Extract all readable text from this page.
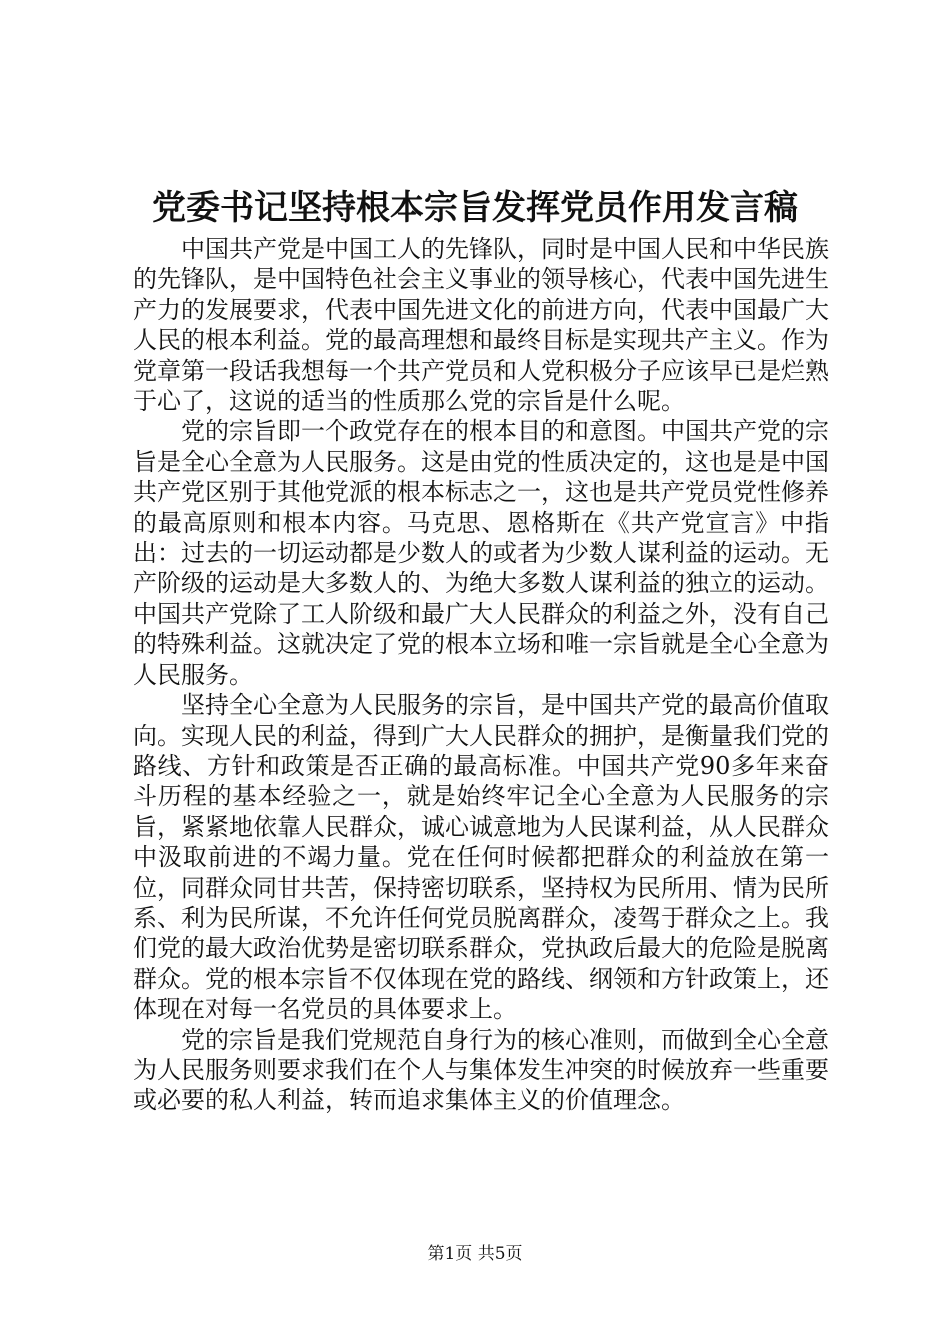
党委书记坚持根本宗旨发挥党员作用发言稿

中国共产党是中国工人的先锋队，同时是中国人民和中华民族的先锋队，是中国特色社会主义事业的领导核心，代表中国先进生产力的发展要求，代表中国先进文化的前进方向，代表中国最广大人民的根本利益。党的最高理想和最终目标是实现共产主义。作为党章第一段话我想每一个共产党员和人党积极分子应该早已是烂熟于心了，这说的适当的性质那么党的宗旨是什么呢。

党的宗旨即一个政党存在的根本目的和意图。中国共产党的宗旨是全心全意为人民服务。这是由党的性质决定的，这也是是中国共产党区别于其他党派的根本标志之一，这也是共产党员党性修养的最高原则和根本内容。马克思、恩格斯在《共产党宣言》中指出：过去的一切运动都是少数人的或者为少数人谋利益的运动。无产阶级的运动是大多数人的、为绝大多数人谋利益的独立的运动。中国共产党除了工人阶级和最广大人民群众的利益之外，没有自己的特殊利益。这就决定了党的根本立场和唯一宗旨就是全心全意为人民服务。

坚持全心全意为人民服务的宗旨，是中国共产党的最高价值取向。实现人民的利益，得到广大人民群众的拥护，是衡量我们党的路线、方针和政策是否正确的最高标准。中国共产党90多年来奋斗历程的基本经验之一，就是始终牢记全心全意为人民服务的宗旨，紧紧地依靠人民群众，诚心诚意地为人民谋利益，从人民群众中汲取前进的不竭力量。党在任何时候都把群众的利益放在第一位，同群众同甘共苦，保持密切联系，坚持权为民所用、情为民所系、利为民所谋，不允许任何党员脱离群众，凌驾于群众之上。我们党的最大政治优势是密切联系群众，党执政后最大的危险是脱离群众。党的根本宗旨不仅体现在党的路线、纲领和方针政策上，还体现在对每一名党员的具体要求上。

党的宗旨是我们党规范自身行为的核心准则，而做到全心全意为人民服务则要求我们在个人与集体发生冲突的时候放弃一些重要或必要的私人利益，转而追求集体主义的价值理念。

第1页 共5页
